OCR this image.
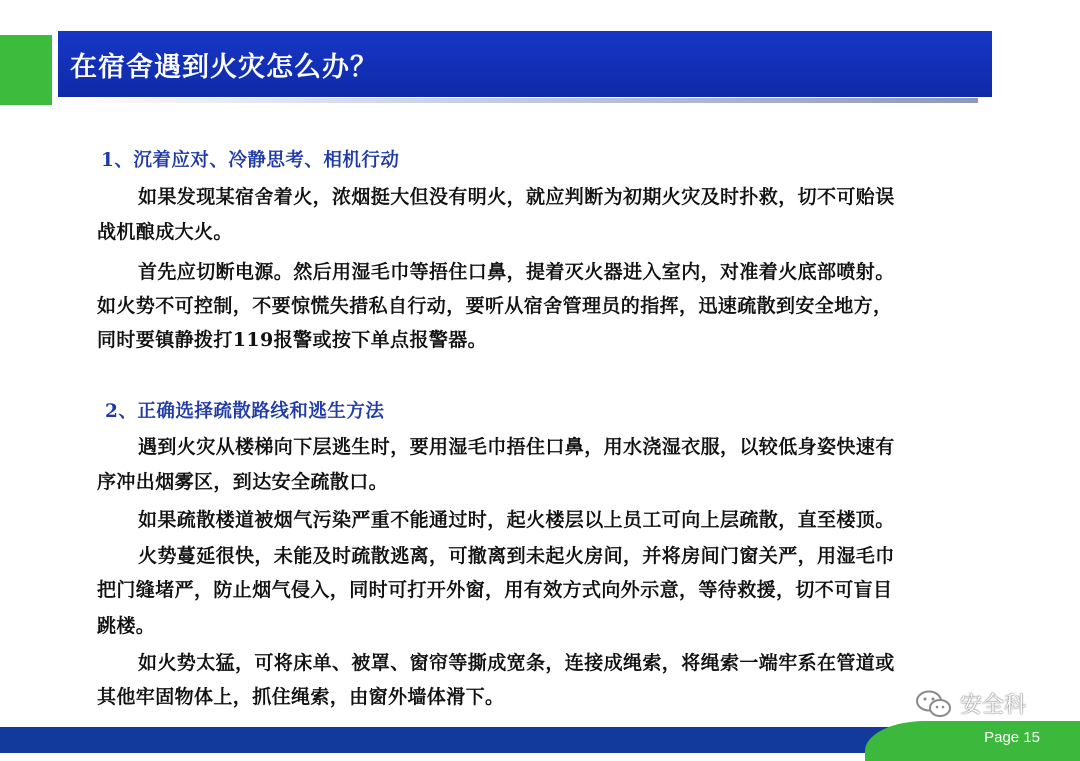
在宿舍遇到火灾怎么办？
1、沉着应对、冷静思考、相机行动
如果发现某宿舍着火，浓烟挺大但没有明火，就应判断为初期火灾及时扑救，切不可贻误
战机酿成大火。
首先应切断电源。然后用湿毛巾等捂住口鼻，提着灭火器进入室内，对准着火底部喷射。
如火势不可控制，不要惊慌失措私自行动，要听从宿舍管理员的指挥，迅速疏散到安全地方，
同时要镇静拨打119报警或按下单点报警器。
2、正确选择疏散路线和逃生方法
遇到火灾从楼梯向下层逃生时，要用湿毛巾捂住口鼻，用水浇湿衣服，以较低身姿快速有
序冲出烟雾区，到达安全疏散口。
如果疏散楼道被烟气污染严重不能通过时，起火楼层以上员工可向上层疏散，直至楼顶。
火势蔓延很快，未能及时疏散逃离，可撤离到未起火房间，并将房间门窗关严，用湿毛巾
把门缝堵严，防止烟气侵入，同时可打开外窗，用有效方式向外示意，等待救援，切不可盲目
跳楼。
如火势太猛，可将床单、被罩、窗帘等撕成宽条，连接成绳索，将绳索一端牢系在管道或
其他牢固物体上，抓住绳索，由窗外墙体滑下。
Page 15
安全科
